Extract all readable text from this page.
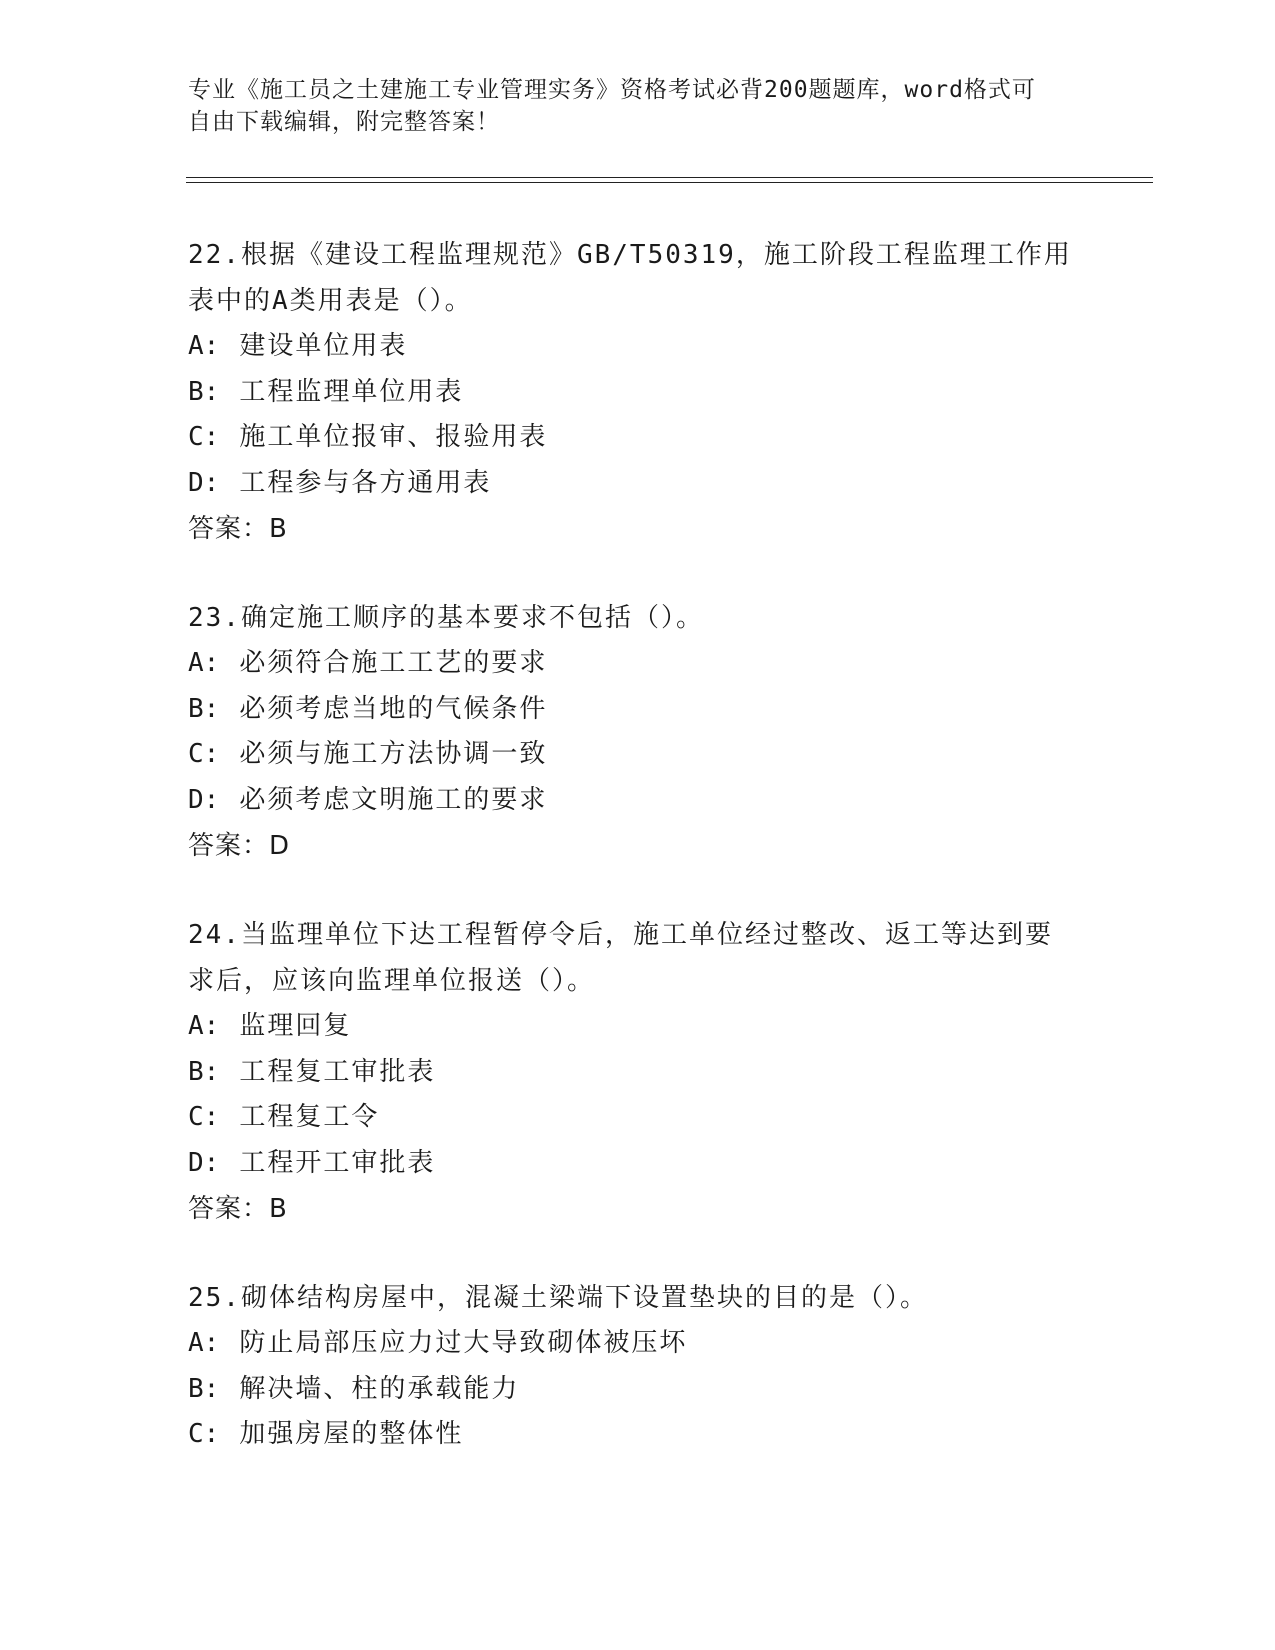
专业《施工员之土建施工专业管理实务》资格考试必背200题题库，word格式可
自由下载编辑，附完整答案！
22.根据《建设工程监理规范》GB/T50319，施工阶段工程监理工作用
表中的A类用表是（）。
A: 建设单位用表
B: 工程监理单位用表
C: 施工单位报审、报验用表
D: 工程参与各方通用表
答案：B
23.确定施工顺序的基本要求不包括（）。
A: 必须符合施工工艺的要求
B: 必须考虑当地的气候条件
C: 必须与施工方法协调一致
D: 必须考虑文明施工的要求
答案：D
24.当监理单位下达工程暂停令后，施工单位经过整改、返工等达到要
求后，应该向监理单位报送（）。
A: 监理回复
B: 工程复工审批表
C: 工程复工令
D: 工程开工审批表
答案：B
25.砌体结构房屋中，混凝土梁端下设置垫块的目的是（）。
A: 防止局部压应力过大导致砌体被压坏
B: 解决墙、柱的承载能力
C: 加强房屋的整体性
